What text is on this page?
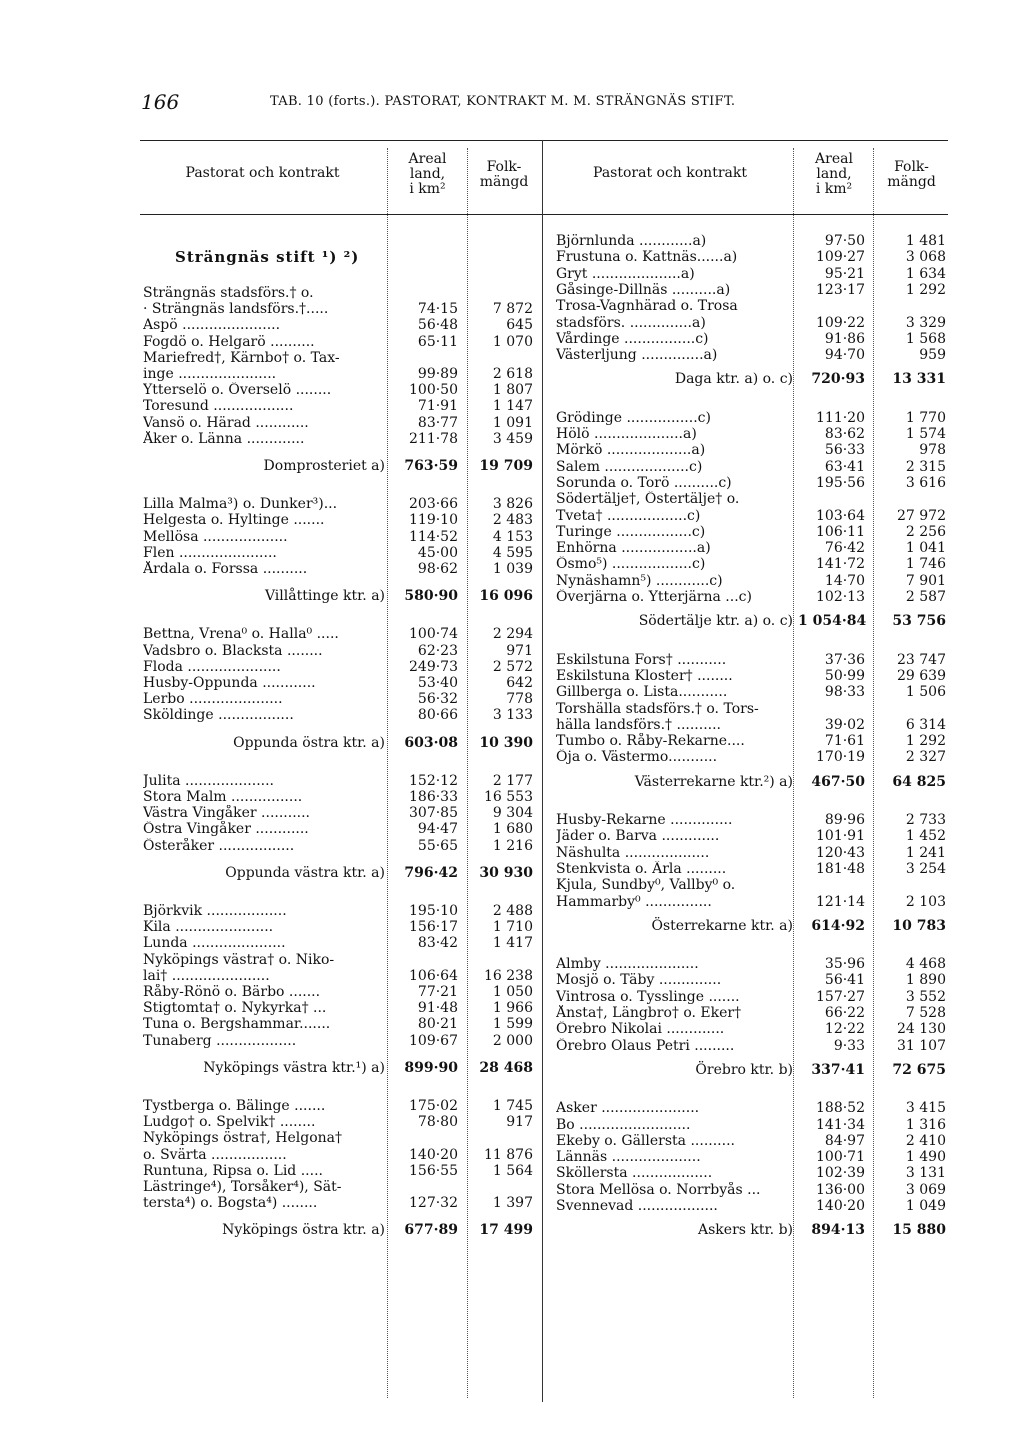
166	TAB. 10 (forts.). PASTORAT, KONTRAKT M. M. STRÄNGNÄS STIFT.
Pastorat och kontrakt
Areal
land,
i km²
Folk-
mängd
Pastorat och kontrakt
Areal
land,
i km²
Folk-
mängd
Strängnäs stift ¹) ²)
Strängnäs stadsförs.† o.
· Strängnäs landsförs.†.....	74·15	7 872
Aspö ......................	56·48	645
Fogdö o. Helgarö ..........	65·11	1 070
Mariefred†, Kärnbo† o. Tax-
inge ......................	99·89	2 618
Ytterselö o. Överselö ........	100·50	1 807
Toresund ..................	71·91	1 147
Vansö o. Härad ............	83·77	1 091
Åker o. Länna .............	211·78	3 459
Domprosteriet a)	763·59	19 709
Lilla Malma³) o. Dunker³)...	203·66	3 826
Helgesta o. Hyltinge .......	119·10	2 483
Mellösa ...................	114·52	4 153
Flen ......................	45·00	4 595
Årdala o. Forssa ..........	98·62	1 039
Villåttinge ktr. a)	580·90	16 096
Bettna, Vrena⁰ o. Halla⁰ .....	100·74	2 294
Vadsbro o. Blacksta ........	62·23	971
Floda .....................	249·73	2 572
Husby-Oppunda ............	53·40	642
Lerbo .....................	56·32	778
Sköldinge .................	80·66	3 133
Oppunda östra ktr. a)	603·08	10 390
Julita ....................	152·12	2 177
Stora Malm ................	186·33	16 553
Västra Vingåker ...........	307·85	9 304
Östra Vingåker ............	94·47	1 680
Österåker .................	55·65	1 216
Oppunda västra ktr. a)	796·42	30 930
Björkvik ..................	195·10	2 488
Kila ......................	156·17	1 710
Lunda .....................	83·42	1 417
Nyköpings västra† o. Niko-
lai† ......................	106·64	16 238
Råby-Rönö o. Bärbo .......	77·21	1 050
Stigtomta† o. Nykyrka† ...	91·48	1 966
Tuna o. Bergshammar.......	80·21	1 599
Tunaberg ..................	109·67	2 000
Nyköpings västra ktr.¹) a)	899·90	28 468
Tystberga o. Bälinge .......	175·02	1 745
Ludgo† o. Spelvik† ........	78·80	917
Nyköpings östra†, Helgona†
o. Svärta .................	140·20	11 876
Runtuna, Ripsa o. Lid .....	156·55	1 564
Lästringe⁴), Torsåker⁴), Sät-
tersta⁴) o. Bogsta⁴) ........	127·32	1 397
Nyköpings östra ktr. a)	677·89	17 499
Björnlunda ............a)	97·50	1 481
Frustuna o. Kattnäs......a)	109·27	3 068
Gryt ....................a)	95·21	1 634
Gåsinge-Dillnäs ..........a)	123·17	1 292
Trosa-Vagnhärad o. Trosa
stadsförs. ..............a)	109·22	3 329
Vårdinge ................c)	91·86	1 568
Västerljung ..............a)	94·70	959
Daga ktr. a) o. c)	720·93	13 331
Grödinge ................c)	111·20	1 770
Hölö ....................a)	83·62	1 574
Mörkö ...................a)	56·33	978
Salem ...................c)	63·41	2 315
Sorunda o. Torö ..........c)	195·56	3 616
Södertälje†, Östertälje† o.
Tveta† ..................c)	103·64	27 972
Turinge .................c)	106·11	2 256
Enhörna .................a)	76·42	1 041
Ösmo⁵) ..................c)	141·72	1 746
Nynäshamn⁵) ............c)	14·70	7 901
Överjärna o. Ytterjärna ...c)	102·13	2 587
Södertälje ktr. a) o. c) 1 054·84	53 756
Eskilstuna Fors† ...........	37·36	23 747
Eskilstuna Kloster† ........	50·99	29 639
Gillberga o. Lista...........	98·33	1 506
Torshälla stadsförs.† o. Tors-
hälla landsförs.† ..........	39·02	6 314
Tumbo o. Råby-Rekarne....	71·61	1 292
Öja o. Västermo...........	170·19	2 327
Västerrekarne ktr.²) a)	467·50	64 825
Husby-Rekarne ..............	89·96	2 733
Jäder o. Barva .............	101·91	1 452
Näshulta ...................	120·43	1 241
Stenkvista o. Ärla .........	181·48	3 254
Kjula, Sundby⁰, Vallby⁰ o.
Hammarby⁰ ...............	121·14	2 103
Österrekarne ktr. a)	614·92	10 783
Almby .....................	35·96	4 468
Mosjö o. Täby ..............	56·41	1 890
Vintrosa o. Tysslinge .......	157·27	3 552
Ånsta†, Längbro† o. Eker†	66·22	7 528
Örebro Nikolai .............	12·22	24 130
Örebro Olaus Petri .........	9·33	31 107
Örebro ktr. b)	337·41	72 675
Asker ......................	188·52	3 415
Bo .........................	141·34	1 316
Ekeby o. Gällersta ..........	84·97	2 410
Lännäs ....................	100·71	1 490
Sköllersta ..................	102·39	3 131
Stora Mellösa o. Norrbyås ...	136·00	3 069
Svennevad ..................	140·20	1 049
Askers ktr. b)	894·13	15 880
